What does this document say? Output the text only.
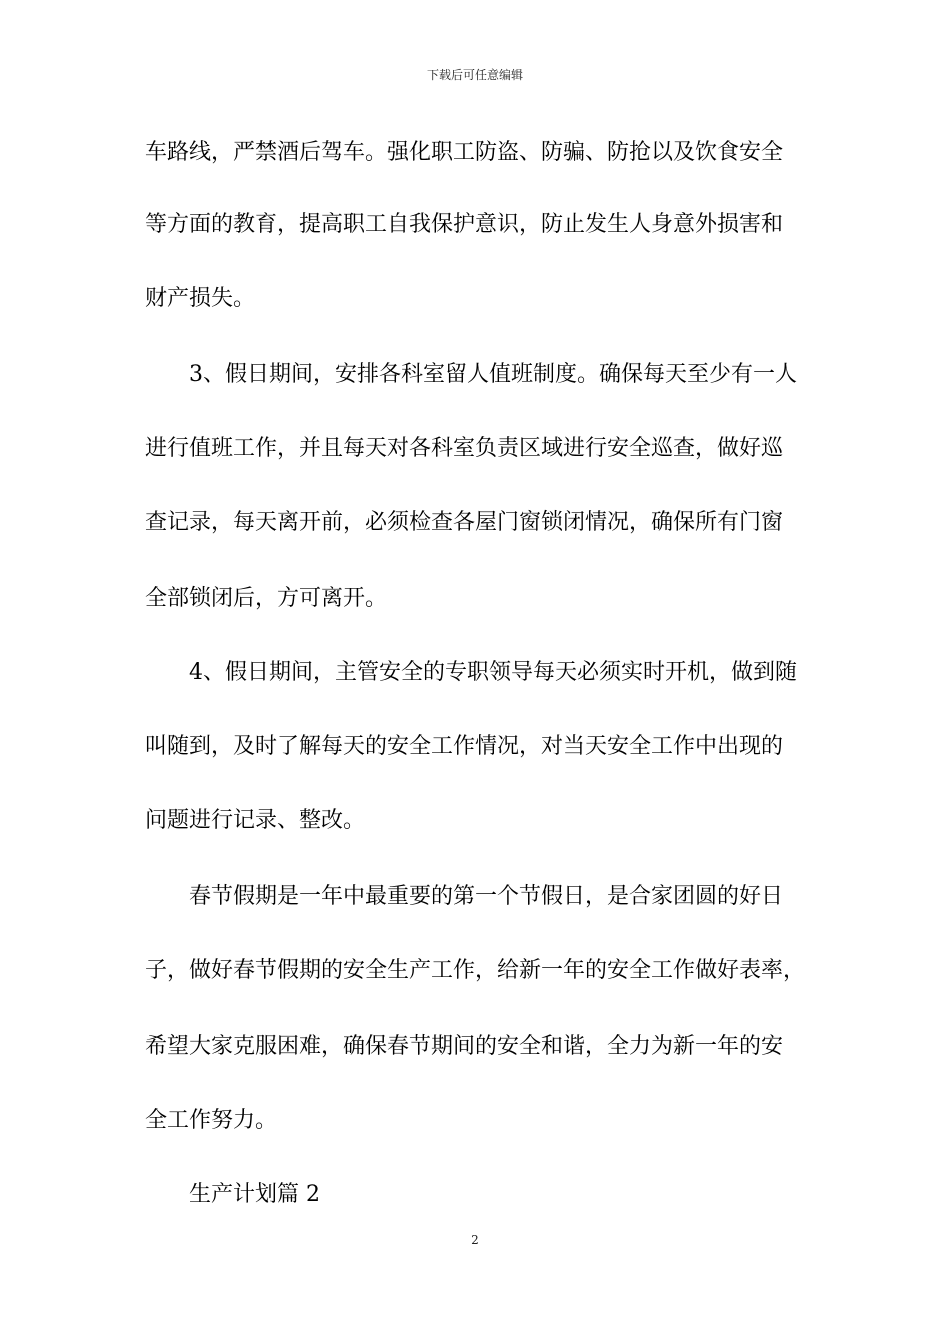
下载后可任意编辑
车路线，严禁酒后驾车。强化职工防盗、防骗、防抢以及饮食安全
等方面的教育，提高职工自我保护意识，防止发生人身意外损害和
财产损失。
3、假日期间，安排各科室留人值班制度。确保每天至少有一人
进行值班工作，并且每天对各科室负责区域进行安全巡查，做好巡
查记录，每天离开前，必须检查各屋门窗锁闭情况，确保所有门窗
全部锁闭后，方可离开。
4、假日期间，主管安全的专职领导每天必须实时开机，做到随
叫随到，及时了解每天的安全工作情况，对当天安全工作中出现的
问题进行记录、整改。
春节假期是一年中最重要的第一个节假日，是合家团圆的好日
子，做好春节假期的安全生产工作，给新一年的安全工作做好表率，
希望大家克服困难，确保春节期间的安全和谐，全力为新一年的安
全工作努力。
生产计划篇 2
2
